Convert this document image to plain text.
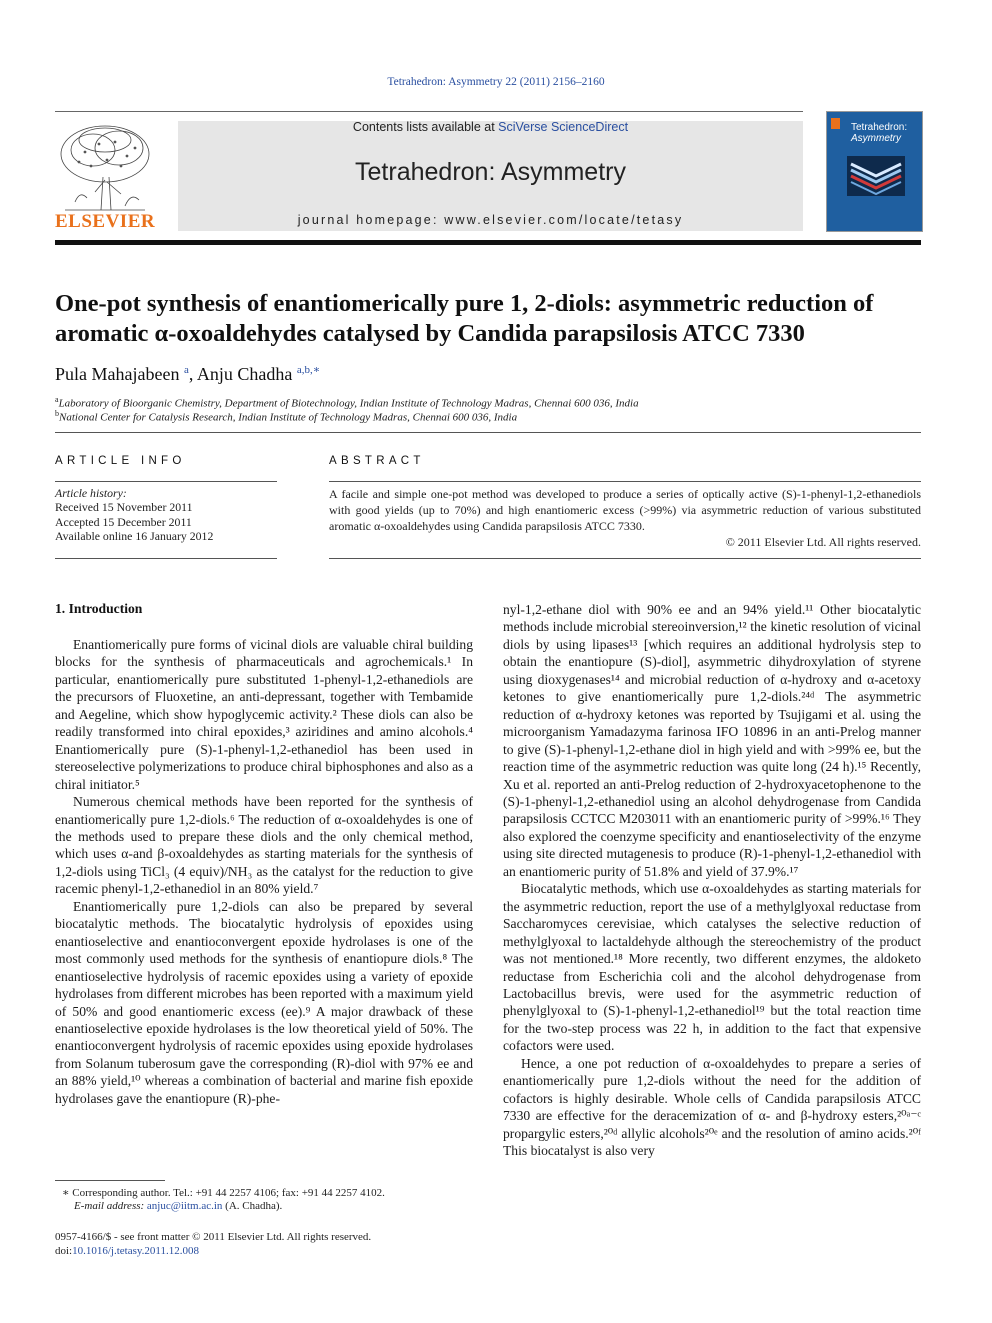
Tetrahedron: Asymmetry 22 (2011) 2156–2160
ELSEVIER
Contents lists available at SciVerse ScienceDirect
Tetrahedron: Asymmetry
journal homepage: www.elsevier.com/locate/tetasy
Tetrahedron:
Asymmetry
One-pot synthesis of enantiomerically pure 1, 2-diols: asymmetric reduction of aromatic α-oxoaldehydes catalysed by Candida parapsilosis ATCC 7330
Pula Mahajabeen $^a$, Anju Chadha $^{a,b,∗}$
$^a$Laboratory of Bioorganic Chemistry, Department of Biotechnology, Indian Institute of Technology Madras, Chennai 600 036, India
$^b$National Center for Catalysis Research, Indian Institute of Technology Madras, Chennai 600 036, India
ARTICLE INFO
Article history:
Received 15 November 2011
Accepted 15 December 2011
Available online 16 January 2012
ABSTRACT
A facile and simple one-pot method was developed to produce a series of optically active (S)-1-phenyl-1,2-ethanediols with good yields (up to 70%) and high enantiomeric excess (>99%) via asymmetric reduction of various substituted aromatic α-oxoaldehydes using Candida parapsilosis ATCC 7330.
© 2011 Elsevier Ltd. All rights reserved.
1. Introduction

Enantiomerically pure forms of vicinal diols are valuable chiral building blocks for the synthesis of pharmaceuticals and agrochemicals.¹ In particular, enantiomerically pure substituted 1-phenyl-1,2-ethanediols are the precursors of Fluoxetine, an anti-depressant, together with Tembamide and Aegeline, which show hypoglycemic activity.² These diols can also be readily transformed into chiral epoxides,³ aziridines and amino alcohols.⁴ Enantiomerically pure (S)-1-phenyl-1,2-ethanediol has been used in stereoselective polymerizations to produce chiral biphosphones and also as a chiral initiator.⁵

Numerous chemical methods have been reported for the synthesis of enantiomerically pure 1,2-diols.⁶ The reduction of α-oxoaldehydes is one of the methods used to prepare these diols and the only chemical method, which uses α-and β-oxoaldehydes as starting materials for the synthesis of 1,2-diols using TiCl₃ (4 equiv)/NH₃ as the catalyst for the reduction to give racemic phenyl-1,2-ethanediol in an 80% yield.⁷

Enantiomerically pure 1,2-diols can also be prepared by several biocatalytic methods. The biocatalytic hydrolysis of epoxides using enantioselective and enantioconvergent epoxide hydrolases is one of the most commonly used methods for the synthesis of enantiopure diols.⁸ The enantioselective hydrolysis of racemic epoxides using a variety of epoxide hydrolases from different microbes has been reported with a maximum yield of 50% and good enantiomeric excess (ee).⁹ A major drawback of these enantioselective epoxide hydrolases is the low theoretical yield of 50%. The enantioconvergent hydrolysis of racemic epoxides using epoxide hydrolases from Solanum tuberosum gave the corresponding (R)-diol with 97% ee and an 88% yield,¹⁰ whereas a combination of bacterial and marine fish epoxide hydrolases gave the enantiopure (R)-phe-

nyl-1,2-ethane diol with 90% ee and an 94% yield.¹¹ Other biocatalytic methods include microbial stereoinversion,¹² the kinetic resolution of vicinal diols by using lipases¹³ [which requires an additional hydrolysis step to obtain the enantiopure (S)-diol], asymmetric dihydroxylation of styrene using dioxygenases¹⁴ and microbial reduction of α-hydroxy and α-acetoxy ketones to give enantiomerically pure 1,2-diols.²⁴ᵈ The asymmetric reduction of α-hydroxy ketones was reported by Tsujigami et al. using the microorganism Yamadazyma farinosa IFO 10896 in an anti-Prelog manner to give (S)-1-phenyl-1,2-ethane diol in high yield and with >99% ee, but the reaction time of the asymmetric reduction was quite long (24 h).¹⁵ Recently, Xu et al. reported an anti-Prelog reduction of 2-hydroxyacetophenone to the (S)-1-phenyl-1,2-ethanediol using an alcohol dehydrogenase from Candida parapsilosis CCTCC M203011 with an enantiomeric purity of >99%.¹⁶ They also explored the coenzyme specificity and enantioselectivity of the enzyme using site directed mutagenesis to produce (R)-1-phenyl-1,2-ethanediol with an enantiomeric purity of 51.8% and yield of 37.9%.¹⁷

Biocatalytic methods, which use α-oxoaldehydes as starting materials for the asymmetric reduction, report the use of a methylglyoxal reductase from Saccharomyces cerevisiae, which catalyses the selective reduction of methylglyoxal to lactaldehyde although the stereochemistry of the product was not mentioned.¹⁸ More recently, two different enzymes, the aldoketo reductase from Escherichia coli and the alcohol dehydrogenase from Lactobacillus brevis, were used for the asymmetric reduction of phenylglyoxal to (S)-1-phenyl-1,2-ethanediol¹⁹ but the total reaction time for the two-step process was 22 h, in addition to the fact that expensive cofactors were used.

Hence, a one pot reduction of α-oxoaldehydes to prepare a series of enantiomerically pure 1,2-diols without the need for the addition of cofactors is highly desirable. Whole cells of Candida parapsilosis ATCC 7330 are effective for the deracemization of α- and β-hydroxy esters,²⁰ᵃ⁻ᶜ propargylic esters,²⁰ᵈ allylic alcohols²⁰ᵉ and the resolution of amino acids.²⁰ᶠ This biocatalyst is also very

∗ Corresponding author. Tel.: +91 44 2257 4106; fax: +91 44 2257 4102.
E-mail address: anjuc@iitm.ac.in (A. Chadha).
0957-4166/$ - see front matter © 2011 Elsevier Ltd. All rights reserved.
doi:10.1016/j.tetasy.2011.12.008
